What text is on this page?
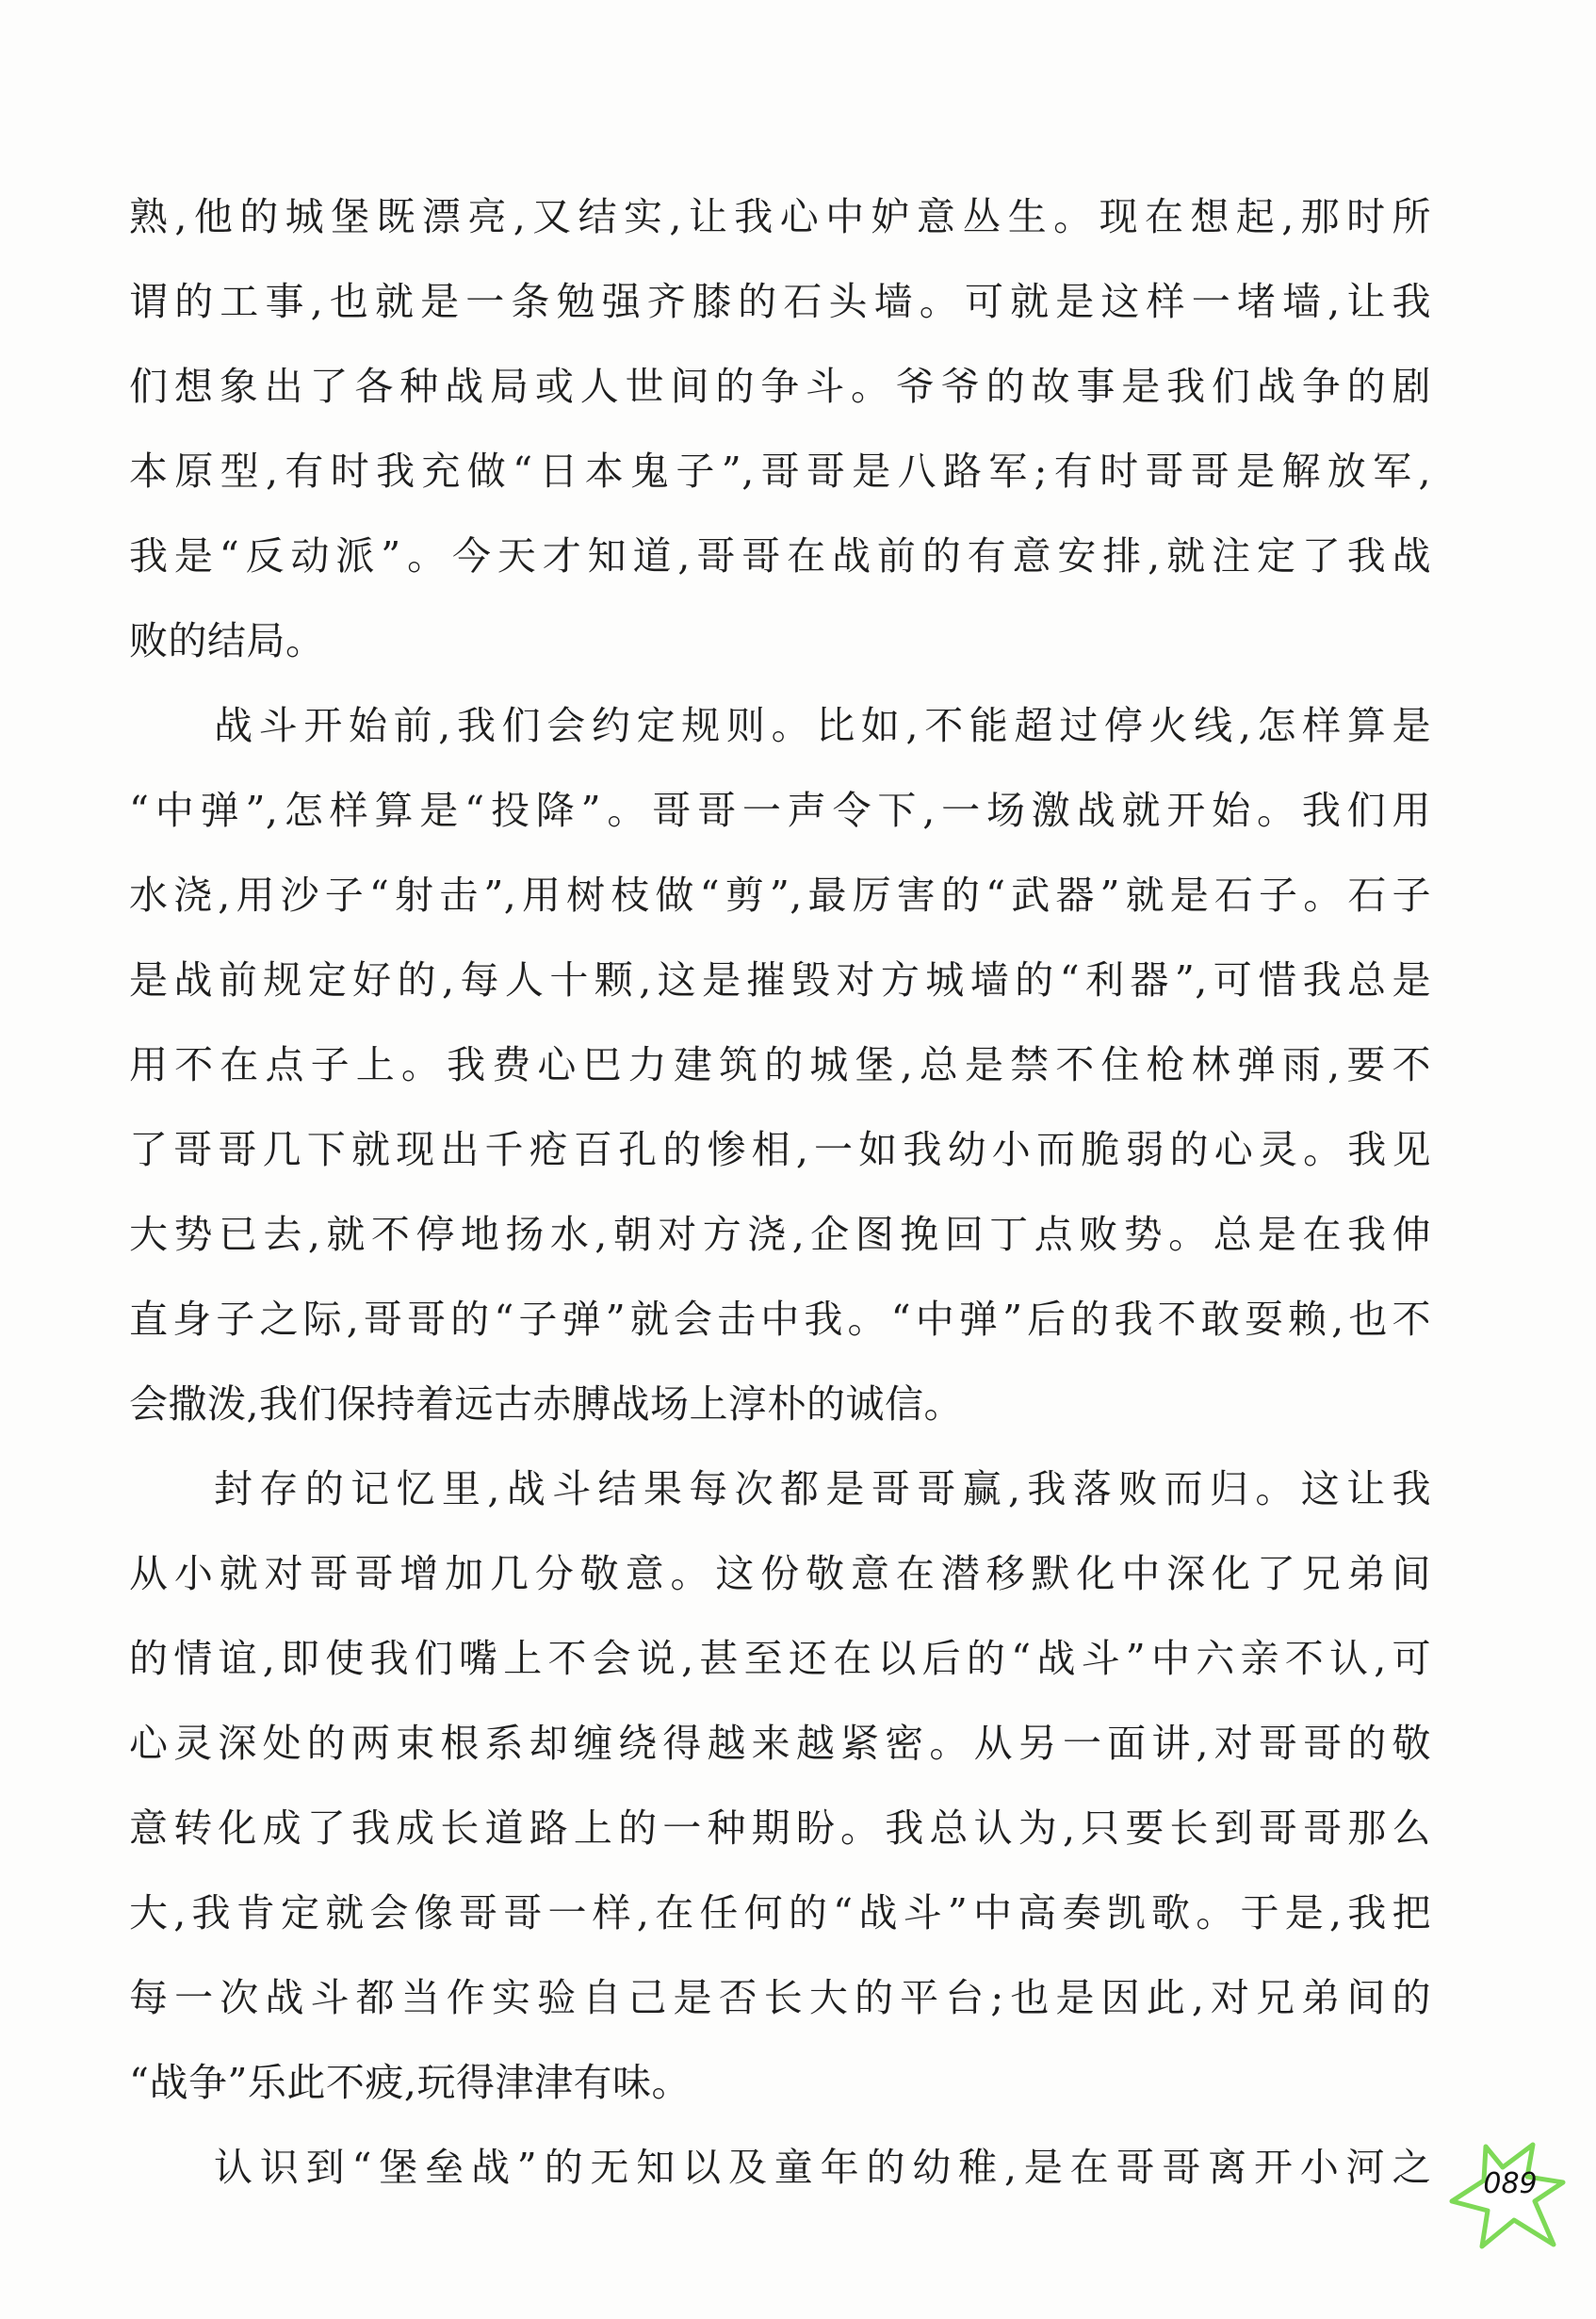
熟,他的城堡既漂亮,又结实,让我心中妒意丛生。现在想起,那时所
谓的工事,也就是一条勉强齐膝的石头墙。可就是这样一堵墙,让我
们想象出了各种战局或人世间的争斗。爷爷的故事是我们战争的剧
本原型,有时我充做“日本鬼子”,哥哥是八路军;有时哥哥是解放军,
我是“反动派”。今天才知道,哥哥在战前的有意安排,就注定了我战
败的结局。
战斗开始前,我们会约定规则。比如,不能超过停火线,怎样算是
“中弹”,怎样算是“投降”。哥哥一声令下,一场激战就开始。我们用
水浇,用沙子“射击”,用树枝做“剪”,最厉害的“武器”就是石子。石子
是战前规定好的,每人十颗,这是摧毁对方城墙的“利器”,可惜我总是
用不在点子上。我费心巴力建筑的城堡,总是禁不住枪林弹雨,要不
了哥哥几下就现出千疮百孔的惨相,一如我幼小而脆弱的心灵。我见
大势已去,就不停地扬水,朝对方浇,企图挽回丁点败势。总是在我伸
直身子之际,哥哥的“子弹”就会击中我。“中弹”后的我不敢耍赖,也不
会撒泼,我们保持着远古赤膊战场上淳朴的诚信。
封存的记忆里,战斗结果每次都是哥哥赢,我落败而归。这让我
从小就对哥哥增加几分敬意。这份敬意在潜移默化中深化了兄弟间
的情谊,即使我们嘴上不会说,甚至还在以后的“战斗”中六亲不认,可
心灵深处的两束根系却缠绕得越来越紧密。从另一面讲,对哥哥的敬
意转化成了我成长道路上的一种期盼。我总认为,只要长到哥哥那么
大,我肯定就会像哥哥一样,在任何的“战斗”中高奏凯歌。于是,我把
每一次战斗都当作实验自己是否长大的平台;也是因此,对兄弟间的
“战争”乐此不疲,玩得津津有味。
认识到“堡垒战”的无知以及童年的幼稚,是在哥哥离开小河之	089
